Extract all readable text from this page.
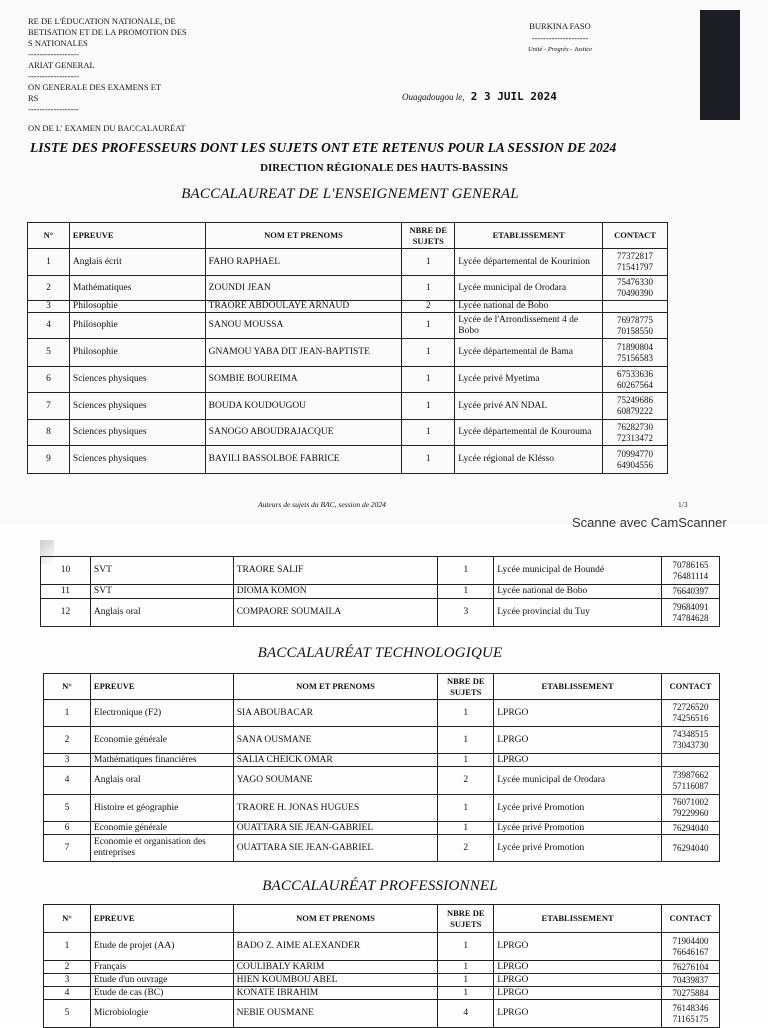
RE DE L'ÉDUCATION NATIONALE, DE
BETISATION ET DE LA PROMOTION DES
S NATIONALES
------------------
ARIAT GENERAL
------------------
ON GENERALE DES EXAMENS ET
RS
------------------
BURKINA FASO
--------------------
Unité - Progrès - Justice
Ouagadougou le, 2 3 JUIL 2024
ON DE L' EXAMEN DU BACCALAURÉAT
LISTE DES PROFESSEURS DONT LES SUJETS ONT ETE RETENUS POUR LA SESSION DE 2024
DIRECTION RÉGIONALE DES HAUTS-BASSINS
BACCALAUREAT DE L'ENSEIGNEMENT GENERAL
N°	EPREUVE	NOM ET PRENOMS	NBRE DE SUJETS	ETABLISSEMENT	CONTACT
1	Anglais écrit	FAHO RAPHAEL	1	Lycée départemental de Kourinion	77372817
71541797

2	Mathématiques	ZOUNDI JEAN	1	Lycée municipal de Orodara	75476330
70490390

3	Philosophie	TRAORE ABDOULAYE ARNAUD	2	Lycée national de Bobo	
4	Philosophie	SANOU MOUSSA	1	Lycée de l'Arrondissement 4 de Bobo	76978775
70158550

5	Philosophie	GNAMOU YABA DIT JEAN-BAPTISTE	1	Lycée départemental de Bama	71890804
75156583

6	Sciences physiques	SOMBIE BOUREIMA	1	Lycée privé Myetima	67533636
60267564

7	Sciences physiques	BOUDA KOUDOUGOU	1	Lycée privé AN NDAL	75249686
60879222

8	Sciences physiques	SANOGO ABOUDRAJACQUE	1	Lycée départemental de Kourouma	76282730
72313472

9	Sciences physiques	BAYILI BASSOLBOE FABRICE	1	Lycée régional de Klésso	70994770
64904556
Auteurs de sujets du BAC, session de 2024	1/3
Scanne avec CamScanner
10	SVT	TRAORE SALIF	1	Lycée municipal de Houndé	70786165
76481114

11	SVT	DIOMA KOMON	1	Lycée national de Bobo	76640397

12	Anglais oral	COMPAORE SOUMAILA	3	Lycée provincial du Tuy	79684091
74784628
BACCALAURÉAT TECHNOLOGIQUE
N°	EPREUVE	NOM ET PRENOMS	NBRE DE SUJETS	ETABLISSEMENT	CONTACT
1	Electronique (F2)	SIA ABOUBACAR	1	LPRGO	72726520
74256516

2	Economie générale	SANA OUSMANE	1	LPRGO	74348515
73043730

3	Mathématiques financières	SALIA CHEICK OMAR	1	LPRGO	
4	Anglais oral	YAGO SOUMANE	2	Lycée municipal de Orodara	73987662
57116087

5	Histoire et géographie	TRAORE H. JONAS HUGUES	1	Lycée privé Promotion	76071002
79229960

6	Economie générale	OUATTARA SIE JEAN-GABRIEL	1	Lycée privé Promotion	76294040

7	Economie et organisation des entreprises	OUATTARA SIE JEAN-GABRIEL	2	Lycée privé Promotion	76294040
BACCALAURÉAT PROFESSIONNEL
N°	EPREUVE	NOM ET PRENOMS	NBRE DE SUJETS	ETABLISSEMENT	CONTACT
1	Etude de projet (AA)	BADO Z. AIME ALEXANDER	1	LPRGO	71904400
76646167

2	Français	COULIBALY KARIM	1	LPRGO	76276104

3	Etude d'un ouvrage	HIEN KOUMBOU ABEL	1	LPRGO	70439837

4	Etude de cas (BC)	KONATE IBRAHIM	1	LPRGO	70275884

5	Microbiologie	NEBIE OUSMANE	4	LPRGO	76148346
71165175
